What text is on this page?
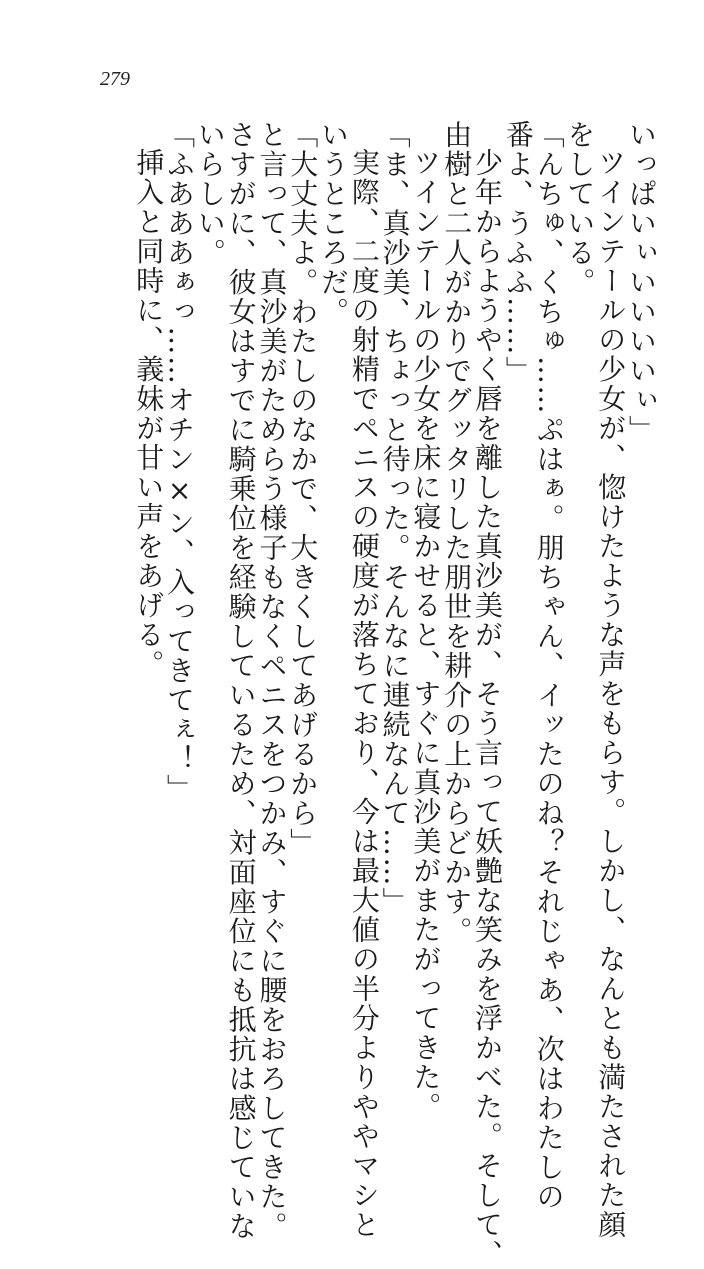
279
いっぱいぃいいいいぃ」
ツインテールの少女が、惚けたような声をもらす。しかし、なんとも満たされた顔
をしている。
「んちゅ、くちゅ……ぷはぁ。朋ちゃん、イッたのね？それじゃあ、次はわたしの
番よ、うふふ……」
少年からようやく唇を離した真沙美が、そう言って妖艶な笑みを浮かべた。そして、
由樹と二人がかりでグッタリした朋世を耕介の上からどかす。
ツインテールの少女を床に寝かせると、すぐに真沙美がまたがってきた。
「ま、真沙美、ちょっと待った。そんなに連続なんて……」
実際、二度の射精でペニスの硬度が落ちており、今は最大値の半分よりややマシと
いうところだ。
「大丈夫よ。わたしのなかで、大きくしてあげるから」
と言って、真沙美がためらう様子もなくペニスをつかみ、すぐに腰をおろしてきた。
さすがに、彼女はすでに騎乗位を経験しているため、対面座位にも抵抗は感じていな
いらしい。
「ふあああぁっ……オチン×ン、入ってきてぇ！」
挿入と同時に、義妹が甘い声をあげる。
